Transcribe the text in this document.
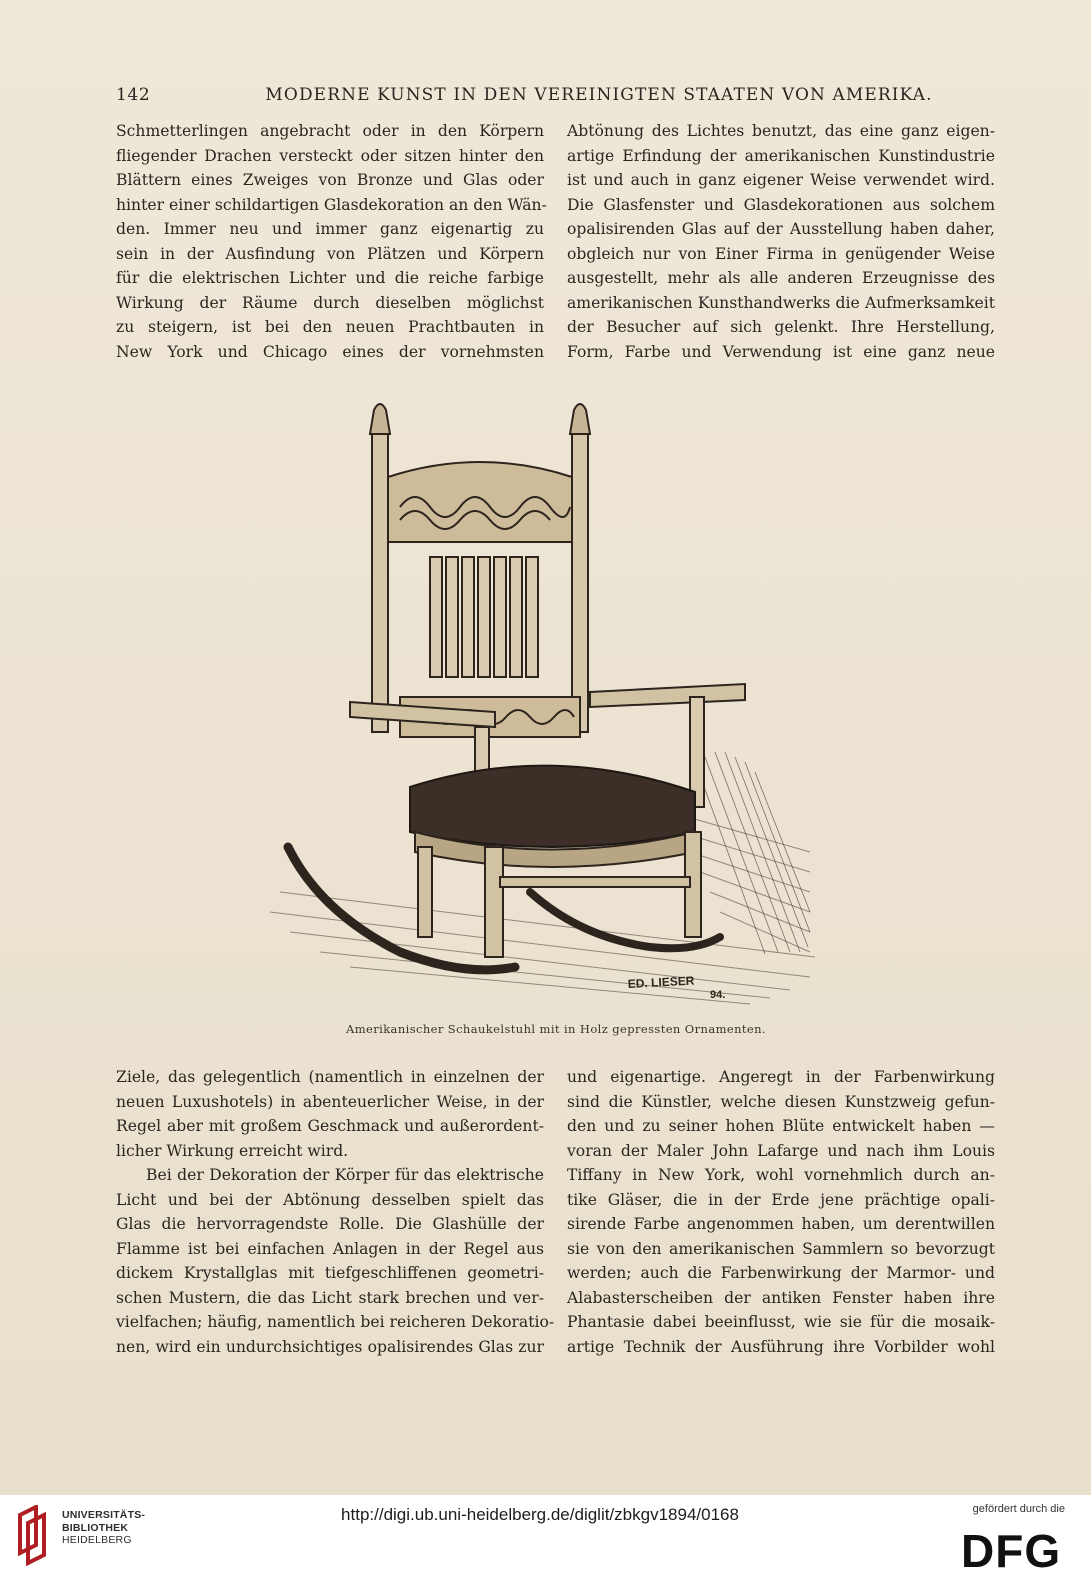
142	MODERNE KUNST IN DEN VEREINIGTEN STAATEN VON AMERIKA.
Schmetterlingen angebracht oder in den Körpern
fliegender Drachen versteckt oder sitzen hinter den
Blättern eines Zweiges von Bronze und Glas oder
hinter einer schildartigen Glasdekoration an den Wän-
den. Immer neu und immer ganz eigenartig zu
sein in der Ausfindung von Plätzen und Körpern
für die elektrischen Lichter und die reiche farbige
Wirkung der Räume durch dieselben möglichst
zu steigern, ist bei den neuen Prachtbauten in
New York und Chicago eines der vornehmsten
Abtönung des Lichtes benutzt, das eine ganz eigen-
artige Erfindung der amerikanischen Kunstindustrie
ist und auch in ganz eigener Weise verwendet wird.
Die Glasfenster und Glasdekorationen aus solchem
opalisirenden Glas auf der Ausstellung haben daher,
obgleich nur von Einer Firma in genügender Weise
ausgestellt, mehr als alle anderen Erzeugnisse des
amerikanischen Kunsthandwerks die Aufmerksamkeit
der Besucher auf sich gelenkt. Ihre Herstellung,
Form, Farbe und Verwendung ist eine ganz neue
ED. LIESER
94.
Amerikanischer Schaukelstuhl mit in Holz gepressten Ornamenten.
Ziele, das gelegentlich (namentlich in einzelnen der
neuen Luxushotels) in abenteuerlicher Weise, in der
Regel aber mit großem Geschmack und außerordent-
licher Wirkung erreicht wird.
Bei der Dekoration der Körper für das elektrische
Licht und bei der Abtönung desselben spielt das
Glas die hervorragendste Rolle. Die Glashülle der
Flamme ist bei einfachen Anlagen in der Regel aus
dickem Krystallglas mit tiefgeschliffenen geometri-
schen Mustern, die das Licht stark brechen und ver-
vielfachen; häufig, namentlich bei reicheren Dekoratio-
nen, wird ein undurchsichtiges opalisirendes Glas zur
und eigenartige. Angeregt in der Farbenwirkung
sind die Künstler, welche diesen Kunstzweig gefun-
den und zu seiner hohen Blüte entwickelt haben —
voran der Maler John Lafarge und nach ihm Louis
Tiffany in New York, wohl vornehmlich durch an-
tike Gläser, die in der Erde jene prächtige opali-
sirende Farbe angenommen haben, um derentwillen
sie von den amerikanischen Sammlern so bevorzugt
werden; auch die Farbenwirkung der Marmor- und
Alabasterscheiben der antiken Fenster haben ihre
Phantasie dabei beeinflusst, wie sie für die mosaik-
artige Technik der Ausführung ihre Vorbilder wohl
UNIVERSITÄTS-
BIBLIOTHEK
HEIDELBERG
http://digi.ub.uni-heidelberg.de/diglit/zbkgv1894/0168	gefördert durch die
DFG
